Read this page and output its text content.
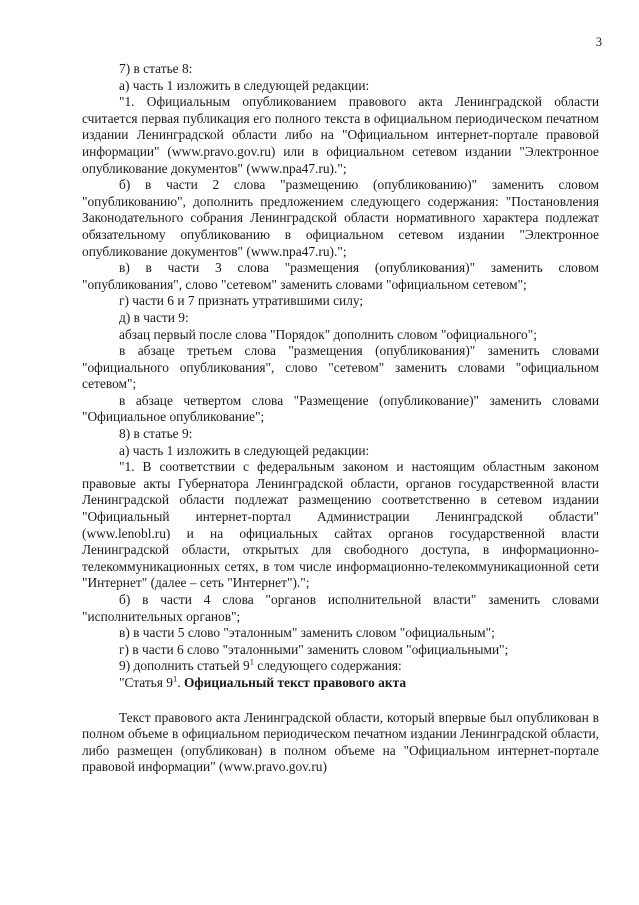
3

7) в статье 8:

а) часть 1 изложить в следующей редакции:

"1. Официальным опубликованием правового акта Ленинградской области считается первая публикация его полного текста в официальном периодическом печатном издании Ленинградской области либо на "Официальном интернет-портале правовой информации" (www.pravo.gov.ru) или в официальном сетевом издании "Электронное опубликование документов" (www.npa47.ru).";

б) в части 2 слова "размещению (опубликованию)" заменить словом "опубликованию", дополнить предложением следующего содержания: "Постановления Законодательного собрания Ленинградской области нормативного характера подлежат обязательному опубликованию в официальном сетевом издании "Электронное опубликование документов" (www.npa47.ru).";

в) в части 3 слова "размещения (опубликования)" заменить словом "опубликования", слово "сетевом" заменить словами "официальном сетевом";

г) части 6 и 7 признать утратившими силу;

д) в части 9:

абзац первый после слова "Порядок" дополнить словом "официального";

в абзаце третьем слова "размещения (опубликования)" заменить словами "официального опубликования", слово "сетевом" заменить словами "официальном сетевом";

в абзаце четвертом слова "Размещение (опубликование)" заменить словами "Официальное опубликование";

8) в статье 9:

а) часть 1 изложить в следующей редакции:

"1. В соответствии с федеральным законом и настоящим областным законом правовые акты Губернатора Ленинградской области, органов государственной власти Ленинградской области подлежат размещению соответственно в сетевом издании "Официальный интернет-портал Администрации Ленинградской области" (www.lenobl.ru) и на официальных сайтах органов государственной власти Ленинградской области, открытых для свободного доступа, в информационно-телекоммуникационных сетях, в том числе информационно-телекоммуникационной сети "Интернет" (далее – сеть "Интернет").";

б) в части 4 слова "органов исполнительной власти" заменить словами "исполнительных органов";

в) в части 5 слово "эталонным" заменить словом "официальным";

г) в части 6 слово "эталонными" заменить словом "официальными";

9) дополнить статьей $9^1$ следующего содержания:

"Статья $9^1$. Официальный текст правового акта

Текст правового акта Ленинградской области, который впервые был опубликован в полном объеме в официальном периодическом печатном издании Ленинградской области, либо размещен (опубликован) в полном объеме на "Официальном интернет-портале правовой информации" (www.pravo.gov.ru)
